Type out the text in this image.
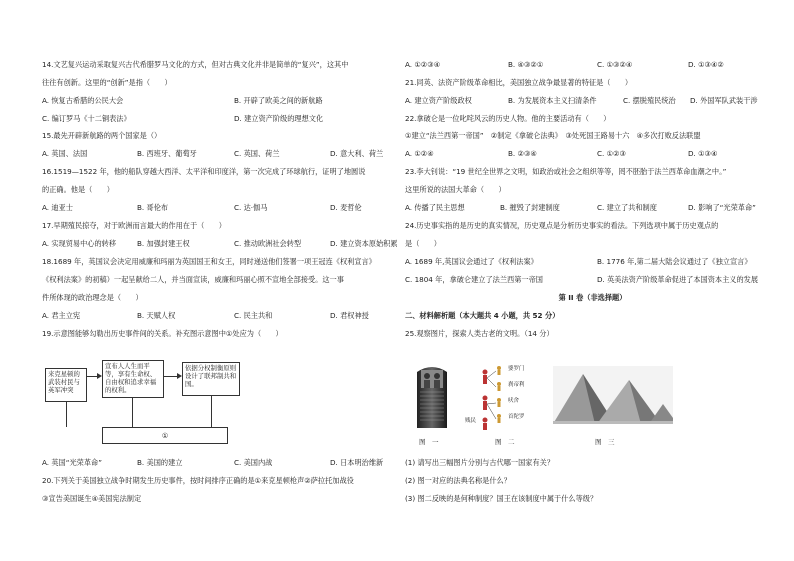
14.文艺复兴运动采取复兴古代希腊罗马文化的方式，但对古典文化并非是简单的“复兴”，这其中
往往有创新。这里的“创新”是指（　　）
A. 恢复古希腊的公民大会	B. 开辟了欧美之间的新航路
C. 编订罗马《十二铜表法》	D. 建立资产阶级的理想文化
15.最先开辟新航路的两个国家是（）
A. 英国、法国	B. 西班牙、葡萄牙	C. 英国、荷兰	D. 意大利、荷兰
16.1519—1522 年，他的船队穿越大西洋、太平洋和印度洋，第一次完成了环球航行，证明了地圆说
的正确。他是（　　）
A. 迪亚士	B. 哥伦布	C. 达·伽马	D. 麦哲伦
17.早期殖民掠夺，对于欧洲而言最大的作用在于（　　）
A. 实现贸易中心的转移	B. 加强封建王权	C. 推动欧洲社会转型	D. 建立资本原始积累
18.1689 年，英国议会决定用威廉和玛丽为英国国王和女王，同时递送他们签署一项王冠连《权利宣言》
《权利法案》的初稿）一起呈献给二人，并当面宣读，威廉和玛丽心照不宣地全部接受。这一事
件所体现的政治理念是（　　）
A. 君主立宪	B. 天赋人权	C. 民主共和	D. 君权神授
19.示意图能够勾勒出历史事件间的关系。补充图示意图中①处应为（　　）
来克星顿的武装村民与英军冲突
宣布人人生而平等，享有生命权、自由权和追求幸福的权利。
依据分权制衡原则设计了联邦制共和国。
①
A. 英国“光荣革命”	B. 美国的建立	C. 美国内战	D. 日本明治维新
20.下列关于美国独立战争时期发生历史事件，按时间排序正确的是①来克星顿枪声②萨拉托加战役
③宣告美国诞生④美国宪法制定
A. ①②③④	B. ④③②①	C. ①③②④	D. ①③④②
21.同英、法资产阶级革命相比，美国独立战争最显著的特征是（　　）
A. 建立资产阶级政权	B. 为发展资本主义扫清条件	C. 摆脱殖民统治 D. 外国军队武装干涉
22.拿破仑是一位叱咤风云的历史人物。他的主要活动有（　　）
①建立“法兰西第一帝国”　②制定《拿破仑法典》　③处死国王路易十六　④多次打败反法联盟
A. ①②④	B. ②③④	C. ①②③	D. ①③④
23.李大钊说：“19 世纪全世界之文明，如政治或社会之组织等等，罔不胚胎于法兰西革命血潮之中。”
这里所说的法国大革命（　　）
A. 传播了民主思想	B. 摧毁了封建制度	C. 建立了共和制度	D. 影响了“光荣革命”
24.历史事实指的是历史的真实情况，历史观点是分析历史事实的看法。下列选项中属于历史观点的
是（　　）
A. 1689 年,英国议会通过了《权利法案》	B. 1776 年,第二届大陆会议通过了《独立宣言》
C. 1804 年，拿破仑建立了法兰西第一帝国	D. 英美法资产阶级革命促进了本国资本主义的发展
第 II 卷（非选择题）
二、材料解析题（本大题共 4 小题，共 52 分）
25.观察图片，探索人类古老的文明。（14 分）
婆罗门
刹帝利
吠舍
首陀罗
贱民
图　一	图　二	图　三
(1) 请写出三幅图片分别与古代哪一国家有关？
(2) 图一对应的法典名称是什么？
(3) 图二反映的是何种制度？国王在该制度中属于什么等级？
